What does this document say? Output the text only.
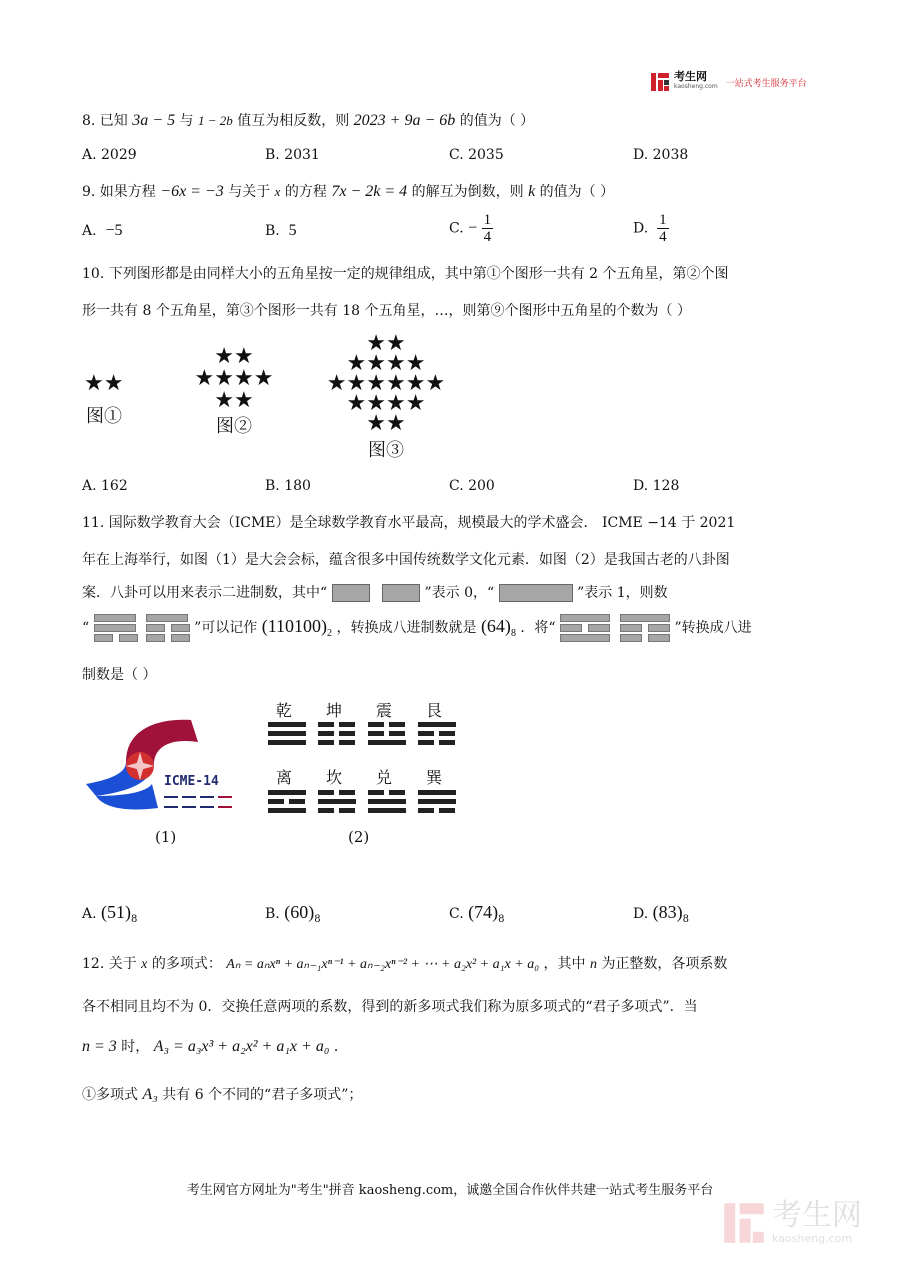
考生网
kaosheng.com 一站式考生服务平台
8. 已知 3a − 5 与 1 − 2b 值互为相反数，则 2023 + 9a − 6b 的值为（ ）
A. 2029	B. 2031	C. 2035	D. 2038
9. 如果方程 −6x = −3 与关于 x 的方程 7x − 2k = 4 的解互为倒数，则 k 的值为（ ）
A. −5	B. 5	C. − $\frac{1}{4}$	D. $\frac{1}{4}$
10. 下列图形都是由同样大小的五角星按一定的规律组成，其中第①个图形一共有 2 个五角星，第②个图
形一共有 8 个五角星，第③个图形一共有 18 个五角星，…，则第⑨个图形中五角星的个数为（ ）
★★
图①
★★
★★★★
★★
图②
★★
★★★★
★★★★★★
★★★★
★★
图③
A. 162	B. 180	C. 200	D. 128
11. 国际数学教育大会（ICME）是全球数学教育水平最高，规模最大的学术盛会． ICME −14 于 2021
年在上海举行，如图（1）是大会会标，蕴含很多中国传统数学文化元素．如图（2）是我国古老的八卦图
案．八卦可以用来表示二进制数，其中“	”表示 0，“	”表示 1，则数
“	”可以记作 $(110100)_2$ ，转换成八进制数就是 $(64)_8$ ．将“	”转换成八进
制数是（ ）
ICME-14
(1)
乾 坤 震 艮
离 坎 兑 巽
(2)
A. $(51)_8$	B. $(60)_8$	C. $(74)_8$	D. $(83)_8$
12. 关于 x 的多项式： Aₙ = aₙxⁿ + aₙ₋₁xⁿ⁻¹ + aₙ₋₂xⁿ⁻² + ⋯ + a₂x² + a₁x + a₀ ，其中 n 为正整数，各项系数
各不相同且均不为 0．交换任意两项的系数，得到的新多项式我们称为原多项式的“君子多项式”．当
n = 3 时， A₃ = a₃x³ + a₂x² + a₁x + a₀ ．
①多项式 A₃ 共有 6 个不同的“君子多项式”；
考生网官方网址为"考生"拼音 kaosheng.com，诚邀全国合作伙伴共建一站式考生服务平台
考生网
kaosheng.com
